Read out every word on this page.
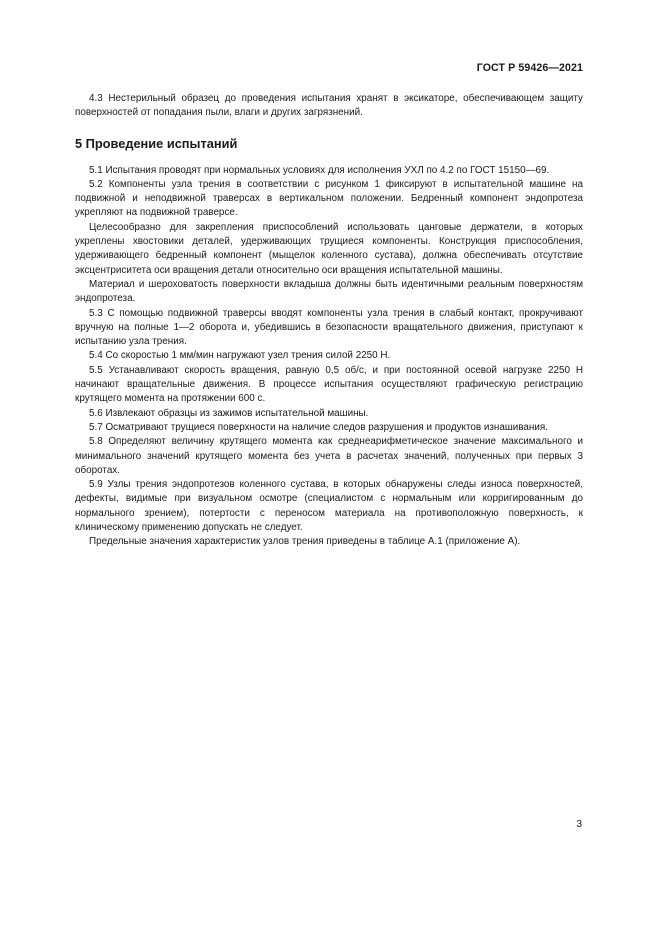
ГОСТ Р 59426—2021

4.3 Нестерильный образец до проведения испытания хранят в эксикаторе, обеспечивающем защиту поверхностей от попадания пыли, влаги и других загрязнений.

5 Проведение испытаний

5.1 Испытания проводят при нормальных условиях для исполнения УХЛ по 4.2 по ГОСТ 15150—69.

5.2 Компоненты узла трения в соответствии с рисунком 1 фиксируют в испытательной машине на подвижной и неподвижной траверсах в вертикальном положении. Бедренный компонент эндопротеза укрепляют на подвижной траверсе.

Целесообразно для закрепления приспособлений использовать цанговые держатели, в которых укреплены хвостовики деталей, удерживающих трущиеся компоненты. Конструкция приспособления, удерживающего бедренный компонент (мыщелок коленного сустава), должна обеспечивать отсутствие эксцентриситета оси вращения детали относительно оси вращения испытательной машины.

Материал и шероховатость поверхности вкладыша должны быть идентичными реальным поверхностям эндопротеза.

5.3 С помощью подвижной траверсы вводят компоненты узла трения в слабый контакт, прокручивают вручную на полные 1—2 оборота и, убедившись в безопасности вращательного движения, приступают к испытанию узла трения.

5.4 Со скоростью 1 мм/мин нагружают узел трения силой 2250 Н.

5.5 Устанавливают скорость вращения, равную 0,5 об/с, и при постоянной осевой нагрузке 2250 Н начинают вращательные движения. В процессе испытания осуществляют графическую регистрацию крутящего момента на протяжении 600 с.

5.6 Извлекают образцы из зажимов испытательной машины.

5.7 Осматривают трущиеся поверхности на наличие следов разрушения и продуктов изнашивания.

5.8 Определяют величину крутящего момента как среднеарифметическое значение максимального и минимального значений крутящего момента без учета в расчетах значений, полученных при первых 3 оборотах.

5.9 Узлы трения эндопротезов коленного сустава, в которых обнаружены следы износа поверхностей, дефекты, видимые при визуальном осмотре (специалистом с нормальным или корригированным до нормального зрением), потертости с переносом материала на противоположную поверхность, к клиническому применению допускать не следует.

Предельные значения характеристик узлов трения приведены в таблице А.1 (приложение А).

3
